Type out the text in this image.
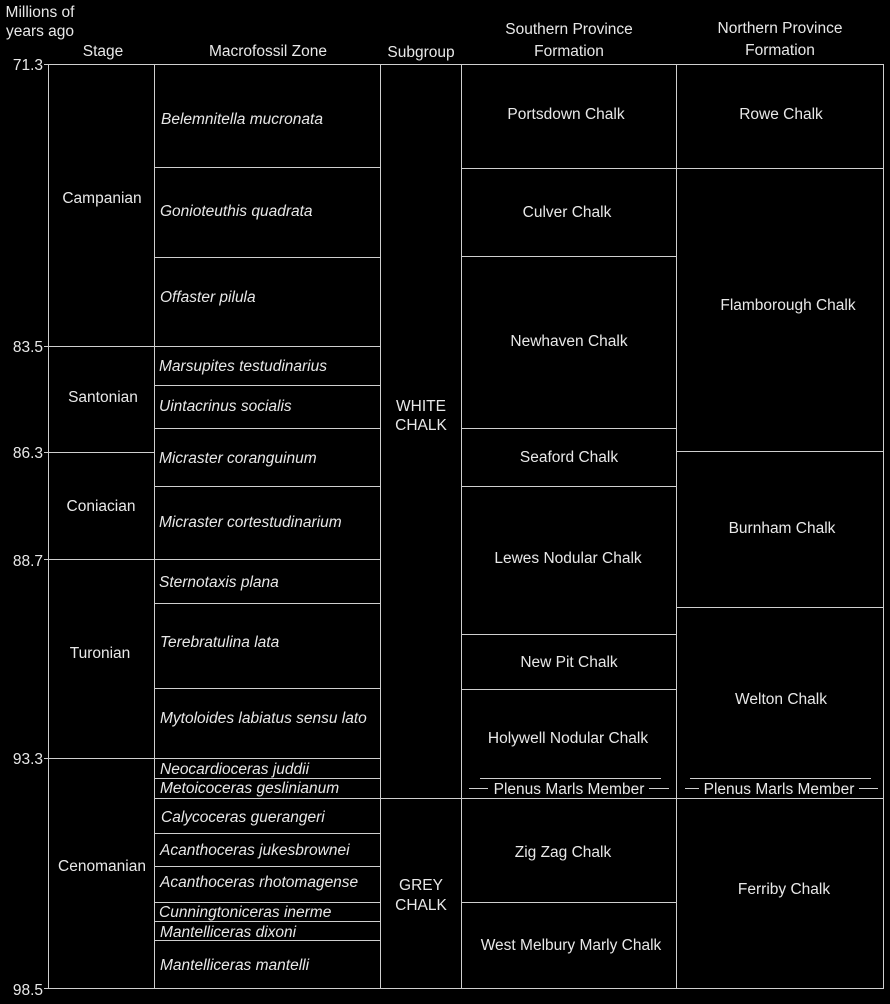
Millions of
years ago
Stage	Macrofossil Zone	Subgroup
Southern Province
Formation
Northern Province
Formation
71.3
83.5
86.3
88.7
93.3
98.5
Campanian
Santonian
Coniacian
Turonian
Cenomanian
Belemnitella mucronata
Gonioteuthis quadrata
Offaster pilula
Marsupites testudinarius
Uintacrinus socialis
Micraster coranguinum
Micraster cortestudinarium
Sternotaxis plana
Terebratulina lata
Mytoloides labiatus sensu lato
Neocardioceras juddii
Metoicoceras geslinianum
Calycoceras guerangeri
Acanthoceras jukesbrownei
Acanthoceras rhotomagense
Cunningtoniceras inerme
Mantelliceras dixoni
Mantelliceras mantelli
WHITE
CHALK
GREY
CHALK
Portsdown Chalk
Culver Chalk
Newhaven Chalk
Seaford Chalk
Lewes Nodular Chalk
New Pit Chalk
Holywell Nodular Chalk
Zig Zag Chalk
West Melbury Marly Chalk
Plenus Marls Member
Rowe Chalk
Flamborough Chalk
Burnham Chalk
Welton Chalk
Ferriby Chalk
Plenus Marls Member
